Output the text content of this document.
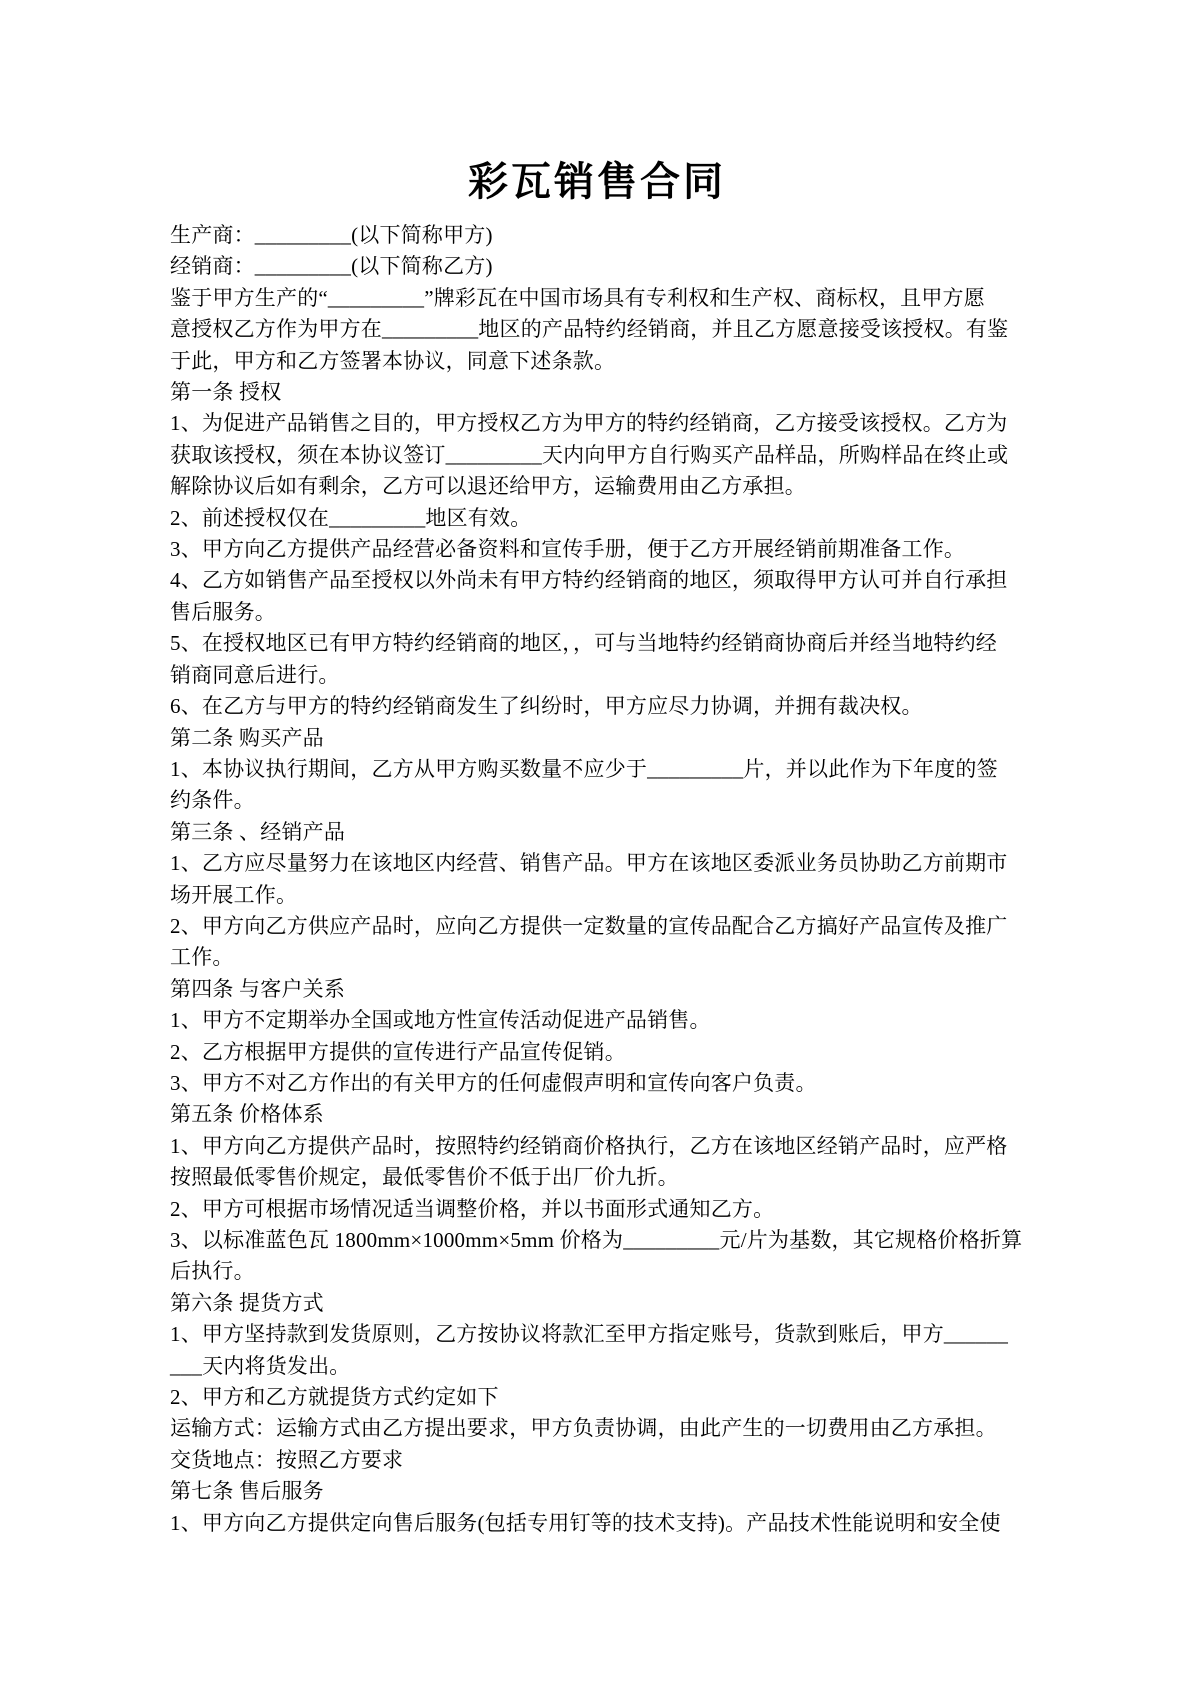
彩瓦销售合同
生产商：_________(以下简称甲方)
经销商：_________(以下简称乙方)
鉴于甲方生产的“_________”牌彩瓦在中国市场具有专利权和生产权、商标权，且甲方愿
意授权乙方作为甲方在_________地区的产品特约经销商，并且乙方愿意接受该授权。有鉴
于此，甲方和乙方签署本协议，同意下述条款。
第一条 授权
1、为促进产品销售之目的，甲方授权乙方为甲方的特约经销商，乙方接受该授权。乙方为
获取该授权，须在本协议签订_________天内向甲方自行购买产品样品，所购样品在终止或
解除协议后如有剩余，乙方可以退还给甲方，运输费用由乙方承担。
2、前述授权仅在_________地区有效。
3、甲方向乙方提供产品经营必备资料和宣传手册，便于乙方开展经销前期准备工作。
4、乙方如销售产品至授权以外尚未有甲方特约经销商的地区，须取得甲方认可并自行承担
售后服务。
5、在授权地区已有甲方特约经销商的地区，，可与当地特约经销商协商后并经当地特约经
销商同意后进行。
6、在乙方与甲方的特约经销商发生了纠纷时，甲方应尽力协调，并拥有裁决权。
第二条 购买产品
1、本协议执行期间，乙方从甲方购买数量不应少于_________片，并以此作为下年度的签
约条件。
第三条 、经销产品
1、乙方应尽量努力在该地区内经营、销售产品。甲方在该地区委派业务员协助乙方前期市
场开展工作。
2、甲方向乙方供应产品时，应向乙方提供一定数量的宣传品配合乙方搞好产品宣传及推广
工作。
第四条 与客户关系
1、甲方不定期举办全国或地方性宣传活动促进产品销售。
2、乙方根据甲方提供的宣传进行产品宣传促销。
3、甲方不对乙方作出的有关甲方的任何虚假声明和宣传向客户负责。
第五条 价格体系
1、甲方向乙方提供产品时，按照特约经销商价格执行，乙方在该地区经销产品时，应严格
按照最低零售价规定，最低零售价不低于出厂价九折。
2、甲方可根据市场情况适当调整价格，并以书面形式通知乙方。
3、以标准蓝色瓦 1800mm×1000mm×5mm 价格为_________元/片为基数，其它规格价格折算
后执行。
第六条 提货方式
1、甲方坚持款到发货原则，乙方按协议将款汇至甲方指定账号，货款到账后，甲方______
___天内将货发出。
2、甲方和乙方就提货方式约定如下
运输方式：运输方式由乙方提出要求，甲方负责协调，由此产生的一切费用由乙方承担。
交货地点：按照乙方要求
第七条 售后服务
1、甲方向乙方提供定向售后服务(包括专用钉等的技术支持)。产品技术性能说明和安全使
